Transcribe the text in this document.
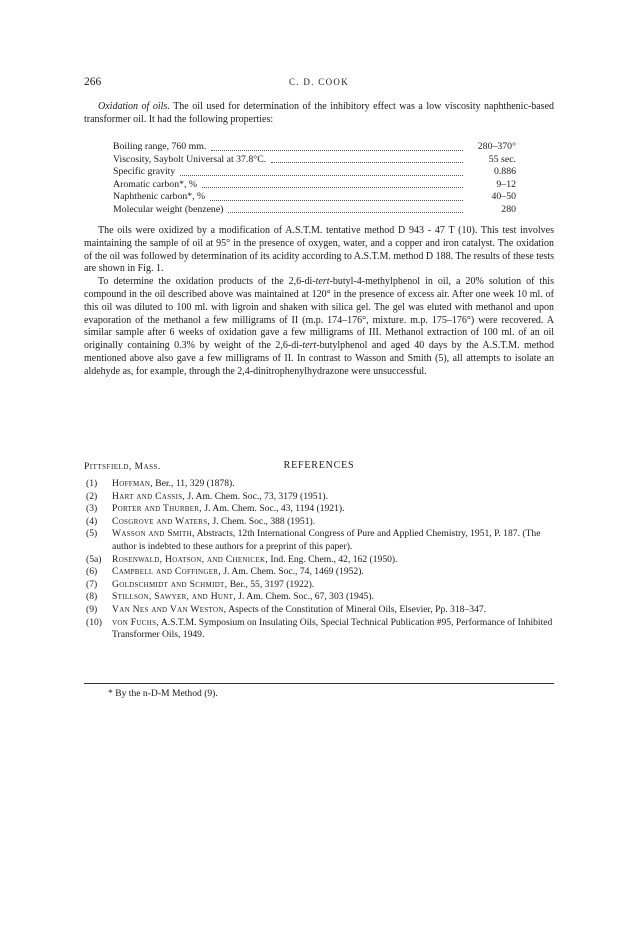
266	C. D. COOK

Oxidation of oils. The oil used for determination of the inhibitory effect was a low viscosity naphthenic-based transformer oil. It had the following properties:

Boiling range, 760 mm.	280–370°
Viscosity, Saybolt Universal at 37.8°C.	55 sec.
Specific gravity	0.886
Aromatic carbon*, %	9–12
Naphthenic carbon*, %	40–50
Molecular weight (benzene)	280

The oils were oxidized by a modification of A.S.T.M. tentative method D 943 - 47 T (10). This test involves maintaining the sample of oil at 95° in the presence of oxygen, water, and a copper and iron catalyst. The oxidation of the oil was followed by determination of its acidity according to A.S.T.M. method D 188. The results of these tests are shown in Fig. 1.

To determine the oxidation products of the 2,6-di-tert-butyl-4-methylphenol in oil, a 20% solution of this compound in the oil described above was maintained at 120° in the presence of excess air. After one week 10 ml. of this oil was diluted to 100 ml. with ligroin and shaken with silica gel. The gel was eluted with methanol and upon evaporation of the methanol a few milligrams of II (m.p. 174–176°, mixture. m.p. 175–176°) were recovered. A similar sample after 6 weeks of oxidation gave a few milligrams of III. Methanol extraction of 100 ml. of an oil originally containing 0.3% by weight of the 2,6-di-tert-butylphenol and aged 40 days by the A.S.T.M. method mentioned above also gave a few milligrams of II. In contrast to Wasson and Smith (5), all attempts to isolate an aldehyde as, for example, through the 2,4-dinitrophenylhydrazone were unsuccessful.

Pittsfield, Mass.	REFERENCES
(1)	Hoffman, Ber., 11, 329 (1878).
(2)	Hart and Cassis, J. Am. Chem. Soc., 73, 3179 (1951).
(3)	Porter and Thurber, J. Am. Chem. Soc., 43, 1194 (1921).
(4)	Cosgrove and Waters, J. Chem. Soc., 388 (1951).
(5)	Wasson and Smith, Abstracts, 12th International Congress of Pure and Applied Chemistry, 1951, P. 187. (The author is indebted to these authors for a preprint of this paper).
(5a)	Rosenwald, Hoatson, and Chenicek, Ind. Eng. Chem., 42, 162 (1950).
(6)	Campbell and Coffinger, J. Am. Chem. Soc., 74, 1469 (1952).
(7)	Goldschmidt and Schmidt, Ber., 55, 3197 (1922).
(8)	Stillson, Sawyer, and Hunt, J. Am. Chem. Soc., 67, 303 (1945).
(9)	Van Nes and Van Weston, Aspects of the Constitution of Mineral Oils, Elsevier, Pp. 318–347.
(10)	von Fuchs, A.S.T.M. Symposium on Insulating Oils, Special Technical Publication #95, Performance of Inhibited Transformer Oils, 1949.
* By the n-D-M Method (9).
